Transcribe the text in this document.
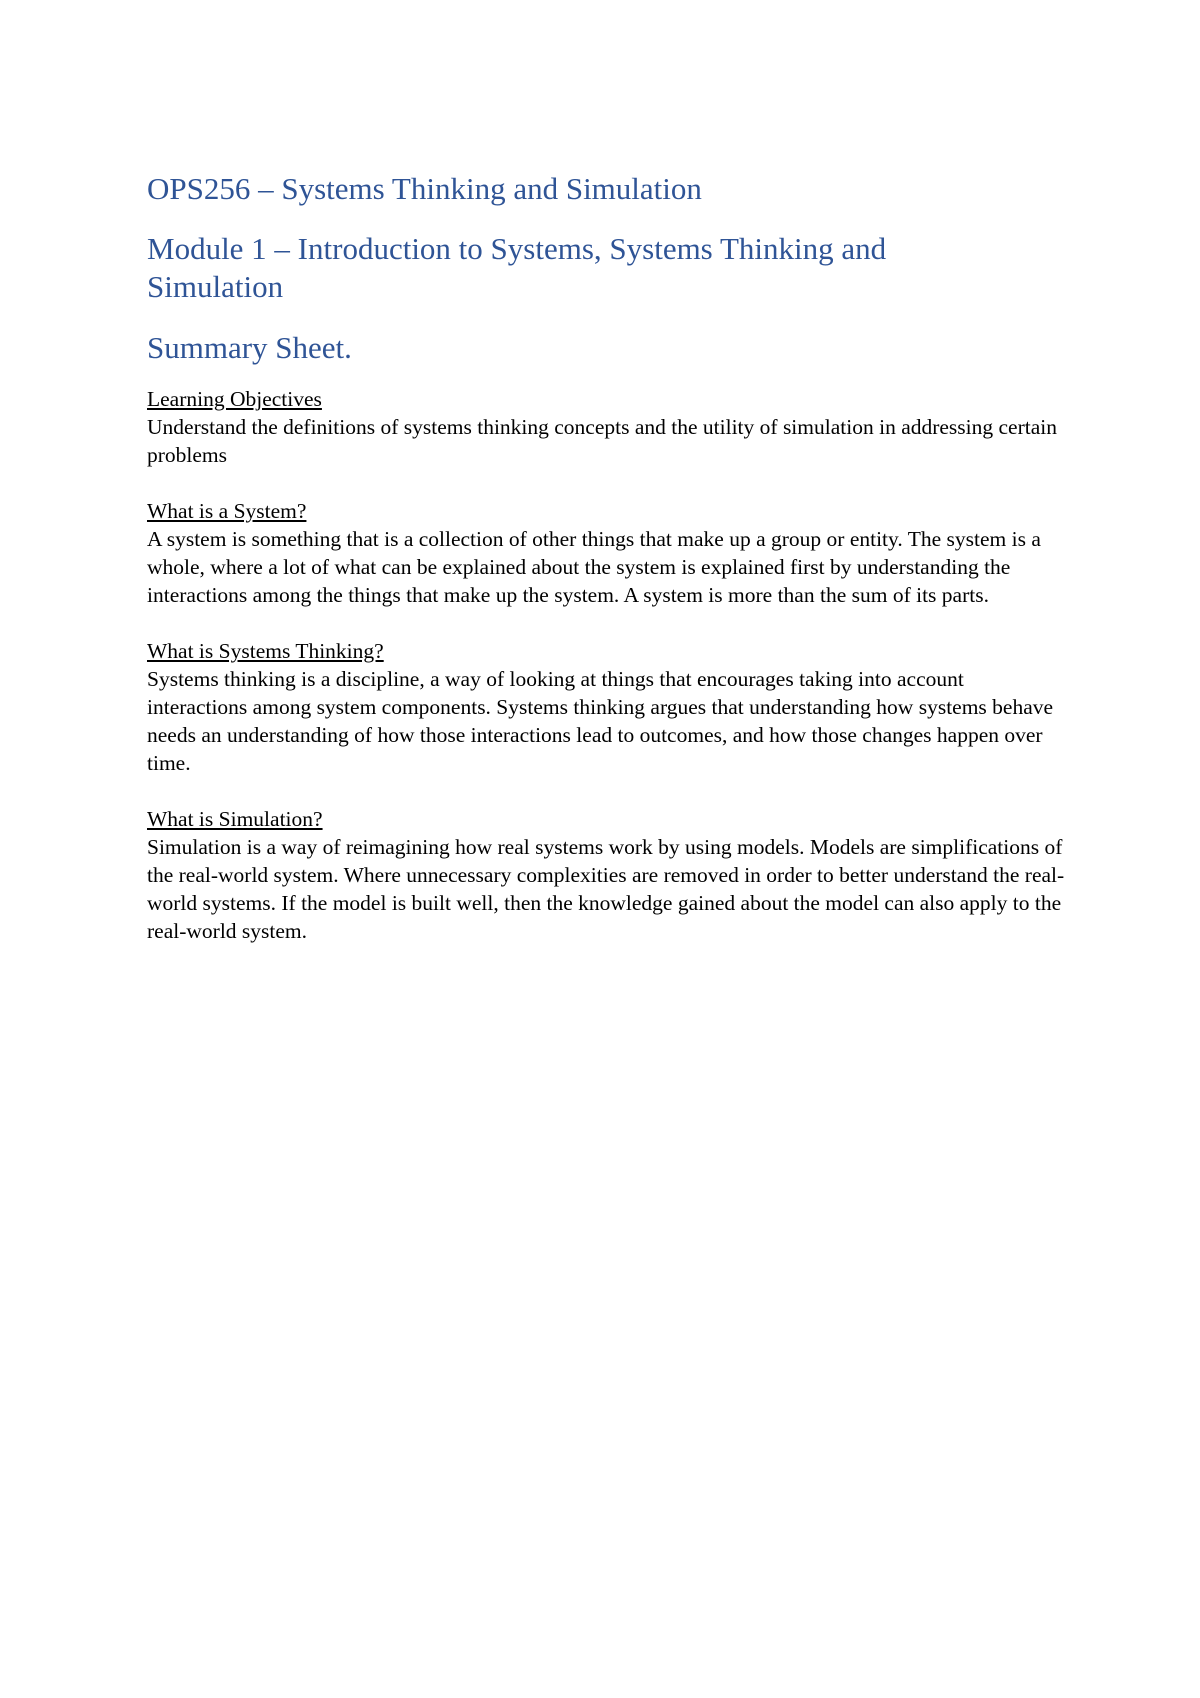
OPS256 – Systems Thinking and Simulation
Module 1 – Introduction to Systems, Systems Thinking and Simulation
Summary Sheet.
Learning Objectives
Understand the definitions of systems thinking concepts and the utility of simulation in addressing certain problems
What is a System?
A system is something that is a collection of other things that make up a group or entity. The system is a whole, where a lot of what can be explained about the system is explained first by understanding the interactions among the things that make up the system. A system is more than the sum of its parts.
What is Systems Thinking?
Systems thinking is a discipline, a way of looking at things that encourages taking into account interactions among system components. Systems thinking argues that understanding how systems behave needs an understanding of how those interactions lead to outcomes, and how those changes happen over time.
What is Simulation?
Simulation is a way of reimagining how real systems work by using models. Models are simplifications of the real-world system. Where unnecessary complexities are removed in order to better understand the real-world systems. If the model is built well, then the knowledge gained about the model can also apply to the real-world system.
